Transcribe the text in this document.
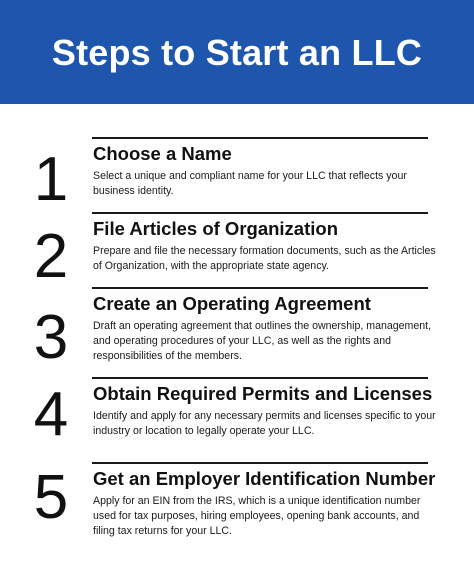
Steps to Start an LLC
1	Choose a Name
Select a unique and compliant name for your LLC that reflects your business identity.
2	File Articles of Organization
Prepare and file the necessary formation documents, such as the Articles of Organization, with the appropriate state agency.
3	Create an Operating Agreement
Draft an operating agreement that outlines the ownership, management, and operating procedures of your LLC, as well as the rights and responsibilities of the members.
4	Obtain Required Permits and Licenses
Identify and apply for any necessary permits and licenses specific to your industry or location to legally operate your LLC.
5	Get an Employer Identification Number
Apply for an EIN from the IRS, which is a unique identification number used for tax purposes, hiring employees, opening bank accounts, and filing tax returns for your LLC.
